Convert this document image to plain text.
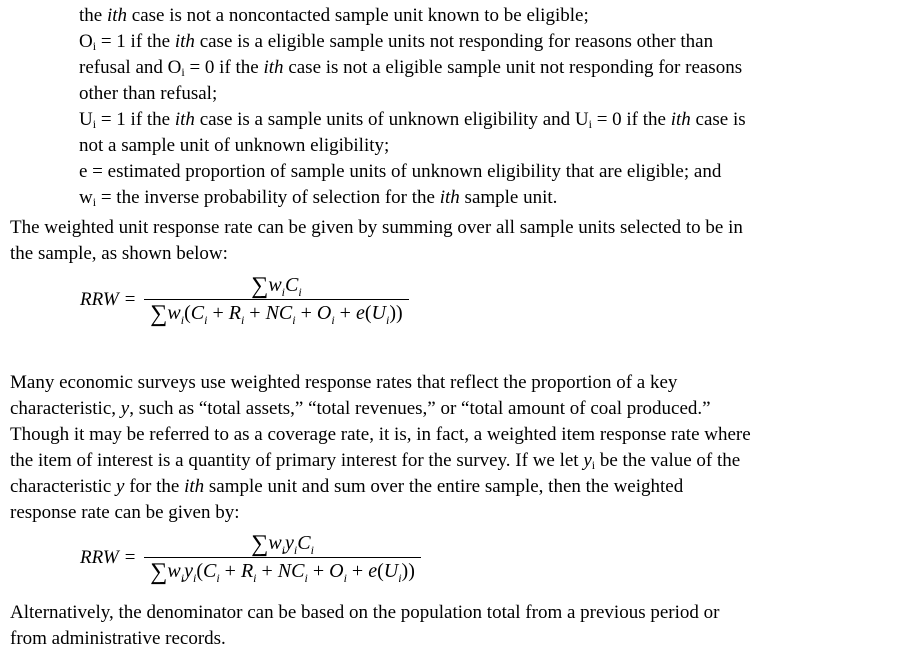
the ith case is not a noncontacted sample unit known to be eligible;
$O_i = 1$ if the ith case is a eligible sample units not responding for reasons other than
refusal and $O_i = 0$ if the ith case is not a eligible sample unit not responding for reasons
other than refusal;
$U_i = 1$ if the ith case is a sample units of unknown eligibility and $U_i = 0$ if the ith case is
not a sample unit of unknown eligibility;
e = estimated proportion of sample units of unknown eligibility that are eligible; and
$w_i$ = the inverse probability of selection for the ith sample unit.
The weighted unit response rate can be given by summing over all sample units selected to be in
the sample, as shown below:
RRW = $\frac{\sum w_iC_i}{\sum w_i(C_i + R_i + NC_i + O_i + e(U_i))}$
Many economic surveys use weighted response rates that reflect the proportion of a key
characteristic, y, such as “total assets,” “total revenues,” or “total amount of coal produced.”
Though it may be referred to as a coverage rate, it is, in fact, a weighted item response rate where
the item of interest is a quantity of primary interest for the survey. If we let $y_i$ be the value of the
characteristic y for the ith sample unit and sum over the entire sample, then the weighted
response rate can be given by:
RRW = $\frac{\sum w_iy_iC_i}{\sum w_iy_i(C_i + R_i + NC_i + O_i + e(U_i))}$
Alternatively, the denominator can be based on the population total from a previous period or
from administrative records.
